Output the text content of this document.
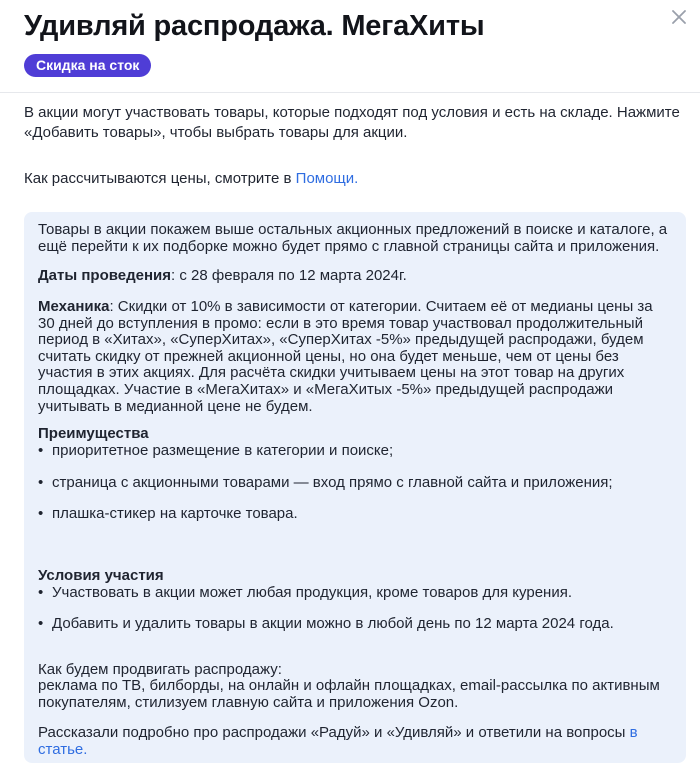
Удивляй распродажа. МегаХиты
Скидка на сток

В акции могут участвовать товары, которые подходят под условия и есть на складе. Нажмите «Добавить товары», чтобы выбрать товары для акции.

Как рассчитываются цены, смотрите в Помощи.

Товары в акции покажем выше остальных акционных предложений в поиске и каталоге, а ещё перейти к их подборке можно будет прямо с главной страницы сайта и приложения.

Даты проведения: с 28 февраля по 12 марта 2024г.

Механика: Скидки от 10% в зависимости от категории. Считаем её от медианы цены за 30 дней до вступления в промо: если в это время товар участвовал продолжительный период в «Хитах», «СуперХитах», «СуперХитах -5%» предыдущей распродажи, будем считать скидку от прежней акционной цены, но она будет меньше, чем от цены без участия в этих акциях. Для расчёта скидки учитываем цены на этот товар на других площадках. Участие в «МегаХитах» и «МегаХитых -5%» предыдущей распродажи учитывать в медианной цене не будем.

Преимущества

• приоритетное размещение в категории и поиске;

• страница с акционными товарами — вход прямо с главной сайта и приложения;

• плашка-стикер на карточке товара.

Условия участия

• Участвовать в акции может любая продукция, кроме товаров для курения.

• Добавить и удалить товары в акции можно в любой день по 12 марта 2024 года.

Как будем продвигать распродажу:

реклама по ТВ, билборды, на онлайн и офлайн площадках, email-рассылка по активным покупателям, стилизуем главную сайта и приложения Ozon.

Рассказали подробно про распродажи «Радуй» и «Удивляй» и ответили на вопросы в статье.
